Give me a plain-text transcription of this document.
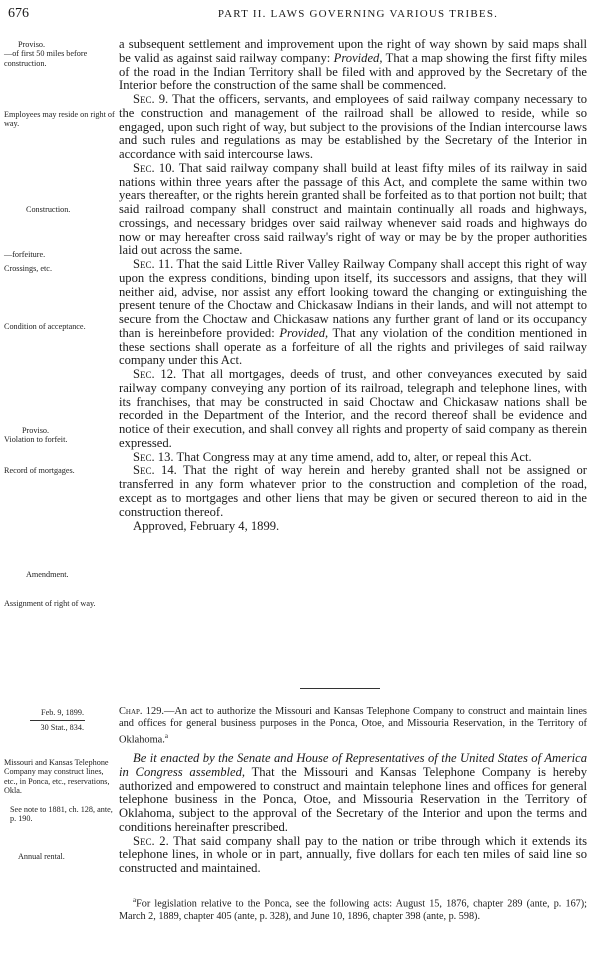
676	PART II. LAWS GOVERNING VARIOUS TRIBES.
Proviso.
—of first 50 miles before construction.
Employees may reside on right of way.
Construction.
—forfeiture.
Crossings, etc.
Condition of acceptance.
Proviso.
Violation to forfeit.
Record of mortgages.
Amendment.
Assignment of right of way.
Feb. 9, 1899.
30 Stat., 834.
Missouri and Kansas Telephone Company may construct lines, etc., in Ponca, etc., reservations, Okla.
See note to 1881, ch. 128, ante, p. 190.
Annual rental.

a subsequent settlement and improvement upon the right of way shown by said maps shall be valid as against said railway company: Provided, That a map showing the first fifty miles of the road in the Indian Territory shall be filed with and approved by the Secretary of the Interior before the construction of the same shall be commenced.

Sec. 9. That the officers, servants, and employees of said railway company necessary to the construction and management of the railroad shall be allowed to reside, while so engaged, upon such right of way, but subject to the provisions of the Indian intercourse laws and such rules and regulations as may be established by the Secretary of the Interior in accordance with said intercourse laws.

Sec. 10. That said railway company shall build at least fifty miles of its railway in said nations within three years after the passage of this Act, and complete the same within two years thereafter, or the rights herein granted shall be forfeited as to that portion not built; that said railroad company shall construct and maintain continually all roads and highways, crossings, and necessary bridges over said railway whenever said roads and highways do now or may hereafter cross said railway's right of way or may be by the proper authorities laid out across the same.

Sec. 11. That the said Little River Valley Railway Company shall accept this right of way upon the express conditions, binding upon itself, its successors and assigns, that they will neither aid, advise, nor assist any effort looking toward the changing or extinguishing the present tenure of the Choctaw and Chickasaw Indians in their lands, and will not attempt to secure from the Choctaw and Chickasaw nations any further grant of land or its occupancy than is hereinbefore provided: Provided, That any violation of the condition mentioned in these sections shall operate as a forfeiture of all the rights and privileges of said railway company under this Act.

Sec. 12. That all mortgages, deeds of trust, and other conveyances executed by said railway company conveying any portion of its railroad, telegraph and telephone lines, with its franchises, that may be constructed in said Choctaw and Chickasaw nations shall be recorded in the Department of the Interior, and the record thereof shall be evidence and notice of their execution, and shall convey all rights and property of said company as therein expressed.

Sec. 13. That Congress may at any time amend, add to, alter, or repeal this Act.

Sec. 14. That the right of way herein and hereby granted shall not be assigned or transferred in any form whatever prior to the construction and completion of the road, except as to mortgages and other liens that may be given or secured thereon to aid in the construction thereof.

Approved, February 4, 1899.

Chap. 129.—An act to authorize the Missouri and Kansas Telephone Company to construct and maintain lines and offices for general business purposes in the Ponca, Otoe, and Missouria Reservation, in the Territory of Oklahoma.$^a$

Be it enacted by the Senate and House of Representatives of the United States of America in Congress assembled, That the Missouri and Kansas Telephone Company is hereby authorized and empowered to construct and maintain telephone lines and offices for general telephone business in the Ponca, Otoe, and Missouria Reservation in the Territory of Oklahoma, subject to the approval of the Secretary of the Interior and upon the terms and conditions hereinafter prescribed.

Sec. 2. That said company shall pay to the nation or tribe through which it extends its telephone lines, in whole or in part, annually, five dollars for each ten miles of said line so constructed and maintained.

$^a$For legislation relative to the Ponca, see the following acts: August 15, 1876, chapter 289 (ante, p. 167); March 2, 1889, chapter 405 (ante, p. 328), and June 10, 1896, chapter 398 (ante, p. 598).
